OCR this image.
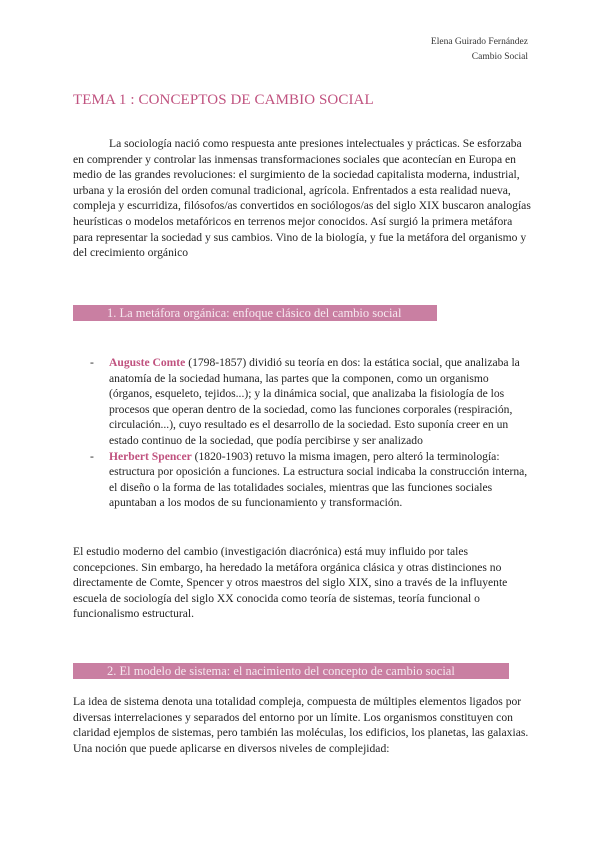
Elena Guirado Fernández
Cambio Social
TEMA 1 : CONCEPTOS DE CAMBIO SOCIAL

La sociología nació como respuesta ante presiones intelectuales y prácticas. Se esforzaba en comprender y controlar las inmensas transformaciones sociales que acontecían en Europa en medio de las grandes revoluciones: el surgimiento de la sociedad capitalista moderna, industrial, urbana y la erosión del orden comunal tradicional, agrícola. Enfrentados a esta realidad nueva, compleja y escurridiza, filósofos/as convertidos en sociólogos/as del siglo XIX buscaron analogías heurísticas o modelos metafóricos en terrenos mejor conocidos. Así surgió la primera metáfora para representar la sociedad y sus cambios. Vino de la biología, y fue la metáfora del organismo y del crecimiento orgánico

1. La metáfora orgánica: enfoque clásico del cambio social
- Auguste Comte (1798-1857) dividió su teoría en dos: la estática social, que analizaba la anatomía de la sociedad humana, las partes que la componen, como un organismo (órganos, esqueleto, tejidos...); y la dinámica social, que analizaba la fisiología de los procesos que operan dentro de la sociedad, como las funciones corporales (respiración, circulación...), cuyo resultado es el desarrollo de la sociedad. Esto suponía creer en un estado continuo de la sociedad, que podía percibirse y ser analizado
- Herbert Spencer (1820-1903) retuvo la misma imagen, pero alteró la terminología: estructura por oposición a funciones. La estructura social indicaba la construcción interna, el diseño o la forma de las totalidades sociales, mientras que las funciones sociales apuntaban a los modos de su funcionamiento y transformación.

El estudio moderno del cambio (investigación diacrónica) está muy influido por tales concepciones. Sin embargo, ha heredado la metáfora orgánica clásica y otras distinciones no directamente de Comte, Spencer y otros maestros del siglo XIX, sino a través de la influyente escuela de sociología del siglo XX conocida como teoría de sistemas, teoría funcional o funcionalismo estructural.

2. El modelo de sistema: el nacimiento del concepto de cambio social

La idea de sistema denota una totalidad compleja, compuesta de múltiples elementos ligados por diversas interrelaciones y separados del entorno por un límite. Los organismos constituyen con claridad ejemplos de sistemas, pero también las moléculas, los edificios, los planetas, las galaxias. Una noción que puede aplicarse en diversos niveles de complejidad:
